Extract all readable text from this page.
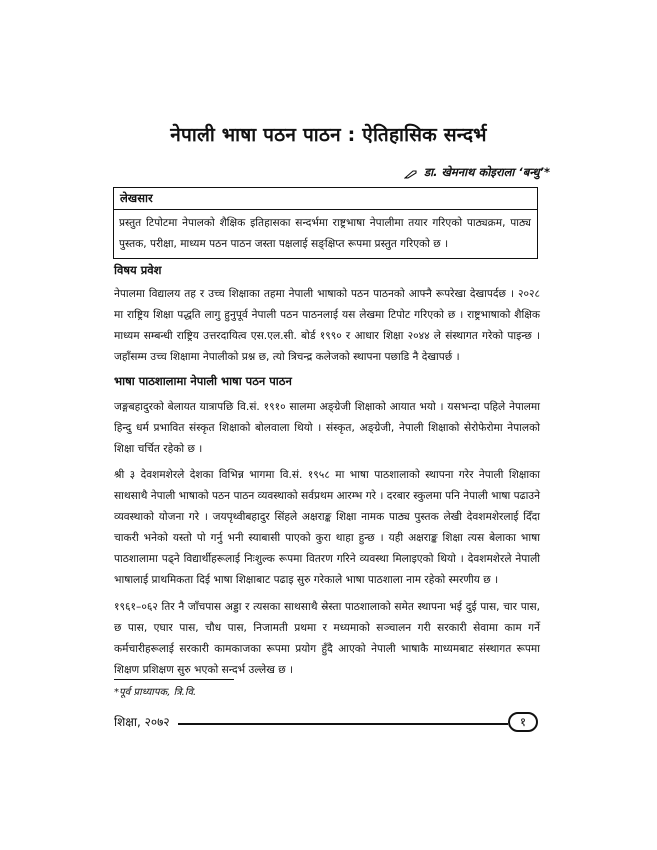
नेपाली भाषा पठन पाठन : ऐतिहासिक सन्दर्भ
डा. खेमनाथ कोइराला ‘बन्धु’*
लेखसार
प्रस्तुत टिपोटमा नेपालको शैक्षिक इतिहासका सन्दर्भमा राष्ट्रभाषा नेपालीमा तयार गरिएको पाठ्यक्रम, पाठ्य पुस्तक, परीक्षा, माध्यम पठन पाठन जस्ता पक्षलाई सङ्क्षिप्त रूपमा प्रस्तुत गरिएको छ ।
विषय प्रवेश

नेपालमा विद्यालय तह र उच्च शिक्षाका तहमा नेपाली भाषाको पठन पाठनको आफ्नै रूपरेखा देखापर्दछ । २०२८ मा राष्ट्रिय शिक्षा पद्धति लागु हुनुपूर्व नेपाली पठन पाठनलाई यस लेखमा टिपोट गरिएको छ । राष्ट्रभाषाको शैक्षिक माध्यम सम्बन्धी राष्ट्रिय उत्तरदायित्व एस.एल.सी. बोर्ड १९९० र आधार शिक्षा २०४४ ले संस्थागत गरेको पाइन्छ । जहाँसम्म उच्च शिक्षामा नेपालीको प्रश्न छ, त्यो त्रिचन्द्र कलेजको स्थापना पछाडि नै देखापर्छ ।

भाषा पाठशालामा नेपाली भाषा पठन पाठन

जङ्गबहादुरको बेलायत यात्रापछि वि.सं. १९१० सालमा अङ्ग्रेजी शिक्षाको आयात भयो । यसभन्दा पहिले नेपालमा हिन्दु धर्म प्रभावित संस्कृत शिक्षाको बोलवाला थियो । संस्कृत, अङ्ग्रेजी, नेपाली शिक्षाको सेरोफेरोमा नेपालको शिक्षा चर्चित रहेको छ ।

श्री ३ देवशमशेरले देशका विभिन्न भागमा वि.सं. १९५८ मा भाषा पाठशालाको स्थापना गरेर नेपाली शिक्षाका साथसाथै नेपाली भाषाको पठन पाठन व्यवस्थाको सर्वप्रथम आरम्भ गरे । दरबार स्कुलमा पनि नेपाली भाषा पढाउने व्यवस्थाको योजना गरे । जयपृथ्वीबहादुर सिंहले अक्षराङ्क शिक्षा नामक पाठ्य पुस्तक लेखी देवशमशेरलाई दिँदा चाकरी भनेको यस्तो पो गर्नु भनी स्याबासी पाएको कुरा थाहा हुन्छ । यही अक्षराङ्क शिक्षा त्यस बेलाका भाषा पाठशालामा पढ्ने विद्यार्थीहरूलाई निःशुल्क रूपमा वितरण गरिने व्यवस्था मिलाइएको थियो । देवशमशेरले नेपाली भाषालाई प्राथमिकता दिई भाषा शिक्षाबाट पढाइ सुरु गरेकाले भाषा पाठशाला नाम रहेको स्मरणीय छ ।

१९६१–०६२ तिर नै जाँचपास अड्डा र त्यसका साथसाथै स्रेस्ता पाठशालाको समेत स्थापना भई दुई पास, चार पास, छ पास, एघार पास, चौध पास, निजामती प्रथमा र मध्यमाको सञ्चालन गरी सरकारी सेवामा काम गर्ने कर्मचारीहरूलाई सरकारी कामकाजका रूपमा प्रयोग हुँदै आएको नेपाली भाषाकै माध्यमबाट संस्थागत रूपमा शिक्षण प्रशिक्षण सुरु भएको सन्दर्भ उल्लेख छ ।

*पूर्व प्राध्यापक, त्रि.वि.
शिक्षा, २०७२	१
